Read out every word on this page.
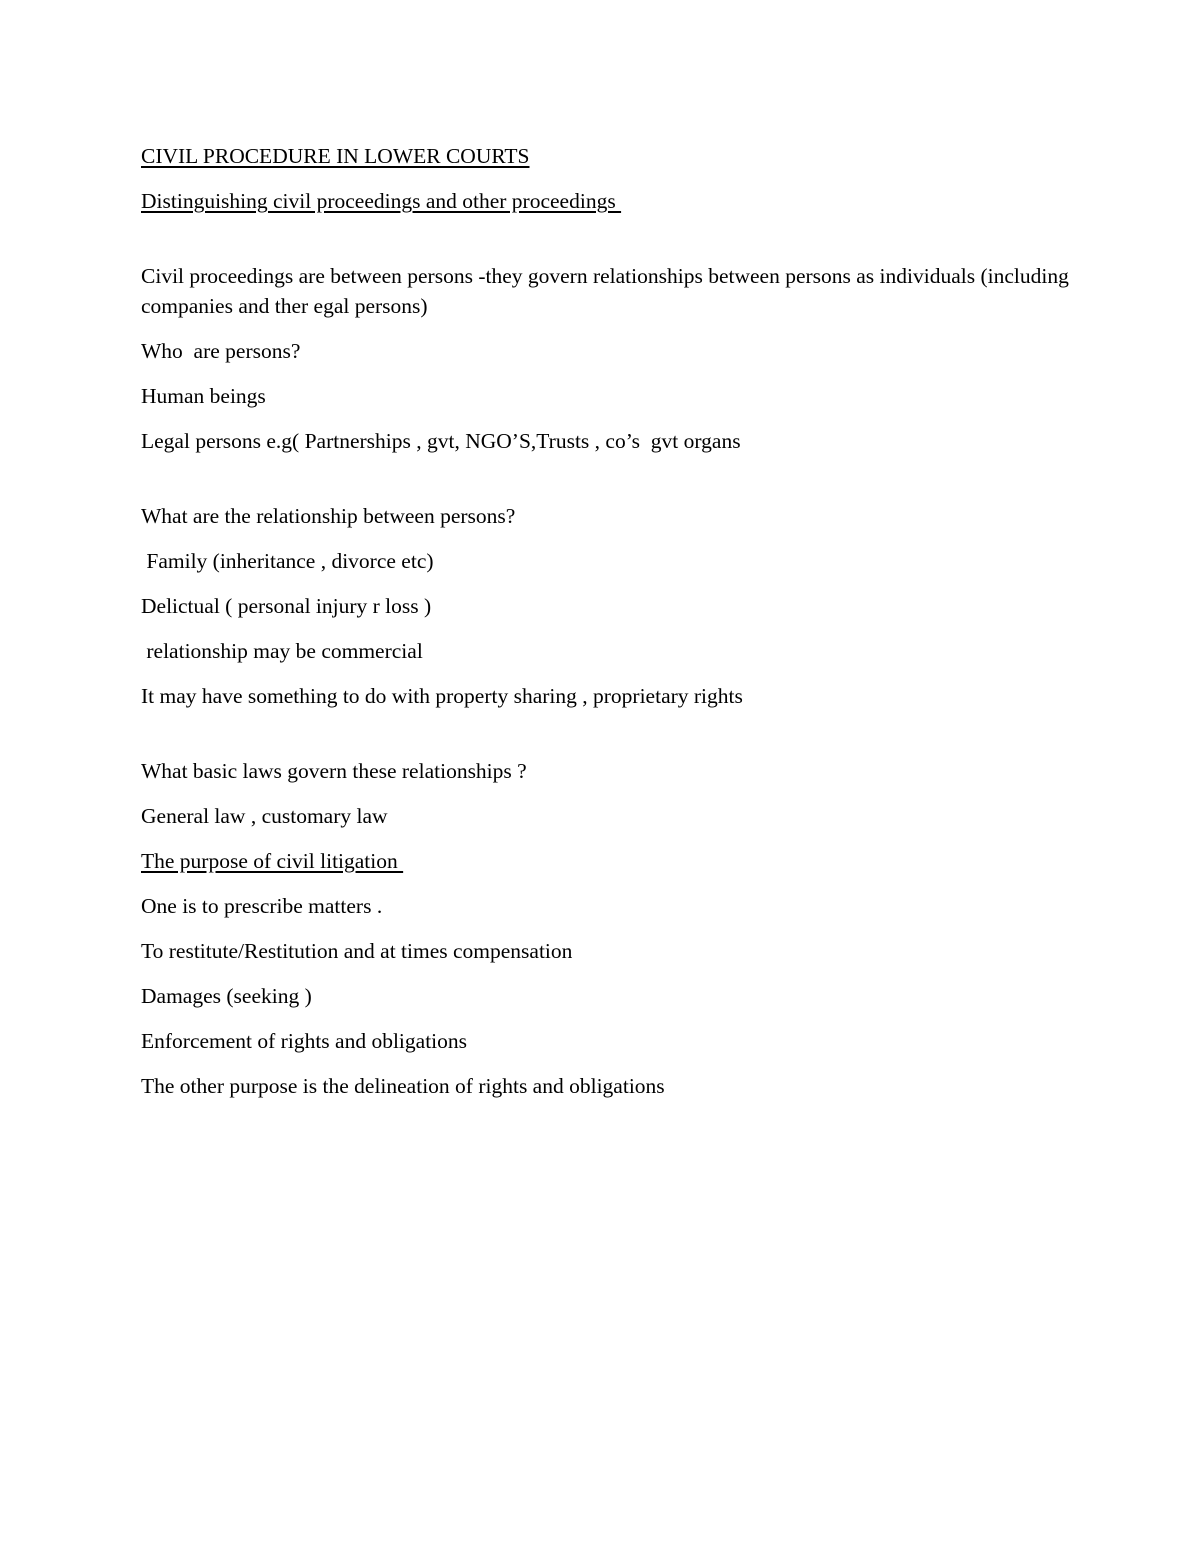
CIVIL PROCEDURE IN LOWER COURTS

Distinguishing civil proceedings and other proceedings

Civil proceedings are between persons -they govern relationships between persons as individuals (including companies and ther egal persons)

Who  are persons?

Human beings

Legal persons e.g( Partnerships , gvt, NGO’S,Trusts , co’s  gvt organs

What are the relationship between persons?

Family (inheritance , divorce etc)

Delictual ( personal injury r loss )

relationship may be commercial

It may have something to do with property sharing , proprietary rights

What basic laws govern these relationships ?

General law , customary law

The purpose of civil litigation

One is to prescribe matters .

To restitute/Restitution and at times compensation

Damages (seeking )

Enforcement of rights and obligations

The other purpose is the delineation of rights and obligations
